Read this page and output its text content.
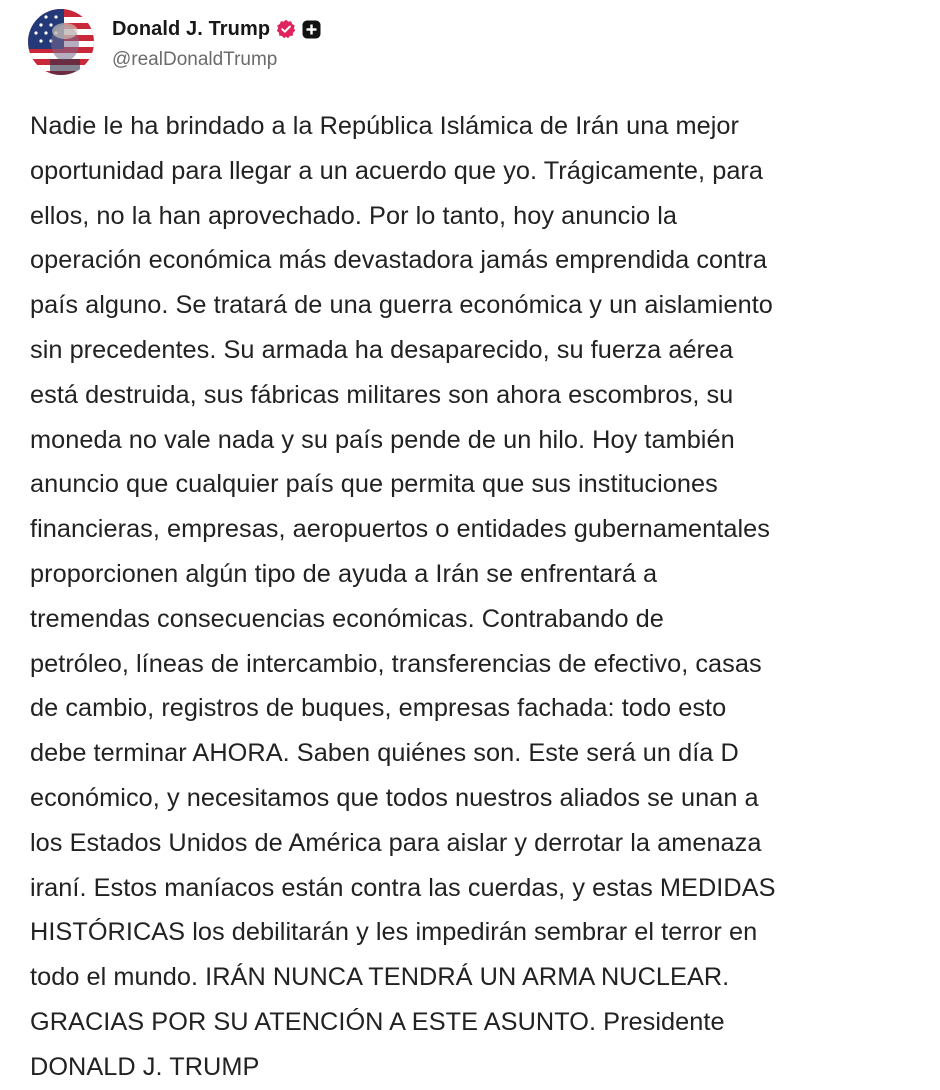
Donald J. Trump
@realDonaldTrump
Nadie le ha brindado a la República Islámica de Irán una mejor
oportunidad para llegar a un acuerdo que yo. Trágicamente, para
ellos, no la han aprovechado. Por lo tanto, hoy anuncio la
operación económica más devastadora jamás emprendida contra
país alguno. Se tratará de una guerra económica y un aislamiento
sin precedentes. Su armada ha desaparecido, su fuerza aérea
está destruida, sus fábricas militares son ahora escombros, su
moneda no vale nada y su país pende de un hilo. Hoy también
anuncio que cualquier país que permita que sus instituciones
financieras, empresas, aeropuertos o entidades gubernamentales
proporcionen algún tipo de ayuda a Irán se enfrentará a
tremendas consecuencias económicas. Contrabando de
petróleo, líneas de intercambio, transferencias de efectivo, casas
de cambio, registros de buques, empresas fachada: todo esto
debe terminar AHORA. Saben quiénes son. Este será un día D
económico, y necesitamos que todos nuestros aliados se unan a
los Estados Unidos de América para aislar y derrotar la amenaza
iraní. Estos maníacos están contra las cuerdas, y estas MEDIDAS
HISTÓRICAS los debilitarán y les impedirán sembrar el terror en
todo el mundo. IRÁN NUNCA TENDRÁ UN ARMA NUCLEAR.
GRACIAS POR SU ATENCIÓN A ESTE ASUNTO. Presidente
DONALD J. TRUMP
